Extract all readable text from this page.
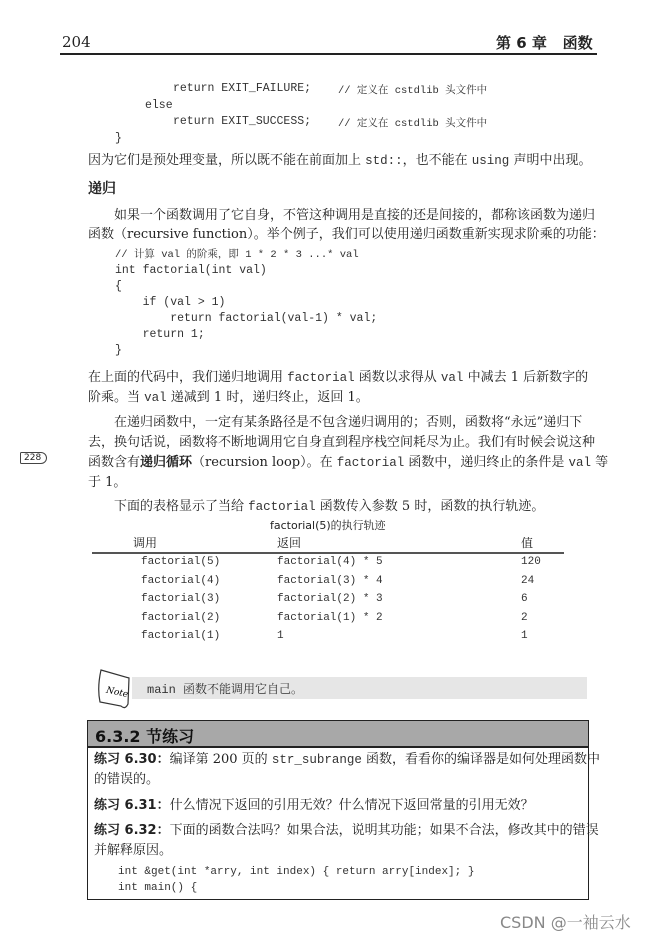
204	第 6 章 函数
return EXIT_FAILURE;	// 定义在 cstdlib 头文件中
else
return EXIT_SUCCESS;	// 定义在 cstdlib 头文件中
}
因为它们是预处理变量，所以既不能在前面加上 std::，也不能在 using 声明中出现。
递归
如果一个函数调用了它自身，不管这种调用是直接的还是间接的，都称该函数为递归
函数（recursive function）。举个例子，我们可以使用递归函数重新实现求阶乘的功能：
// 计算 val 的阶乘，即 1 * 2 * 3 ...* val
int factorial(int val)
{
if (val > 1)
return factorial(val-1) * val;
return 1;
}
在上面的代码中，我们递归地调用 factorial 函数以求得从 val 中减去 1 后新数字的
阶乘。当 val 递减到 1 时，递归终止，返回 1。
在递归函数中，一定有某条路径是不包含递归调用的；否则，函数将“永远”递归下
去，换句话说，函数将不断地调用它自身直到程序栈空间耗尽为止。我们有时候会说这种
函数含有递归循环（recursion loop）。在 factorial 函数中，递归终止的条件是 val 等
于 1。
228
下面的表格显示了当给 factorial 函数传入参数 5 时，函数的执行轨迹。
factorial(5)的执行轨迹
调用	返回	值
factorial(5)	factorial(4) * 5	120
factorial(4)	factorial(3) * 4	24
factorial(3)	factorial(2) * 3	6
factorial(2)	factorial(1) * 2	2
factorial(1)	1	1
Note main 函数不能调用它自己。
6.3.2 节练习
练习 6.30：编译第 200 页的 str_subrange 函数，看看你的编译器是如何处理函数中
的错误的。
练习 6.31：什么情况下返回的引用无效？什么情况下返回常量的引用无效？
练习 6.32：下面的函数合法吗？如果合法，说明其功能；如果不合法，修改其中的错误
并解释原因。
int &get(int *arry, int index) { return arry[index]; }
int main() {
CSDN @一袖云水
